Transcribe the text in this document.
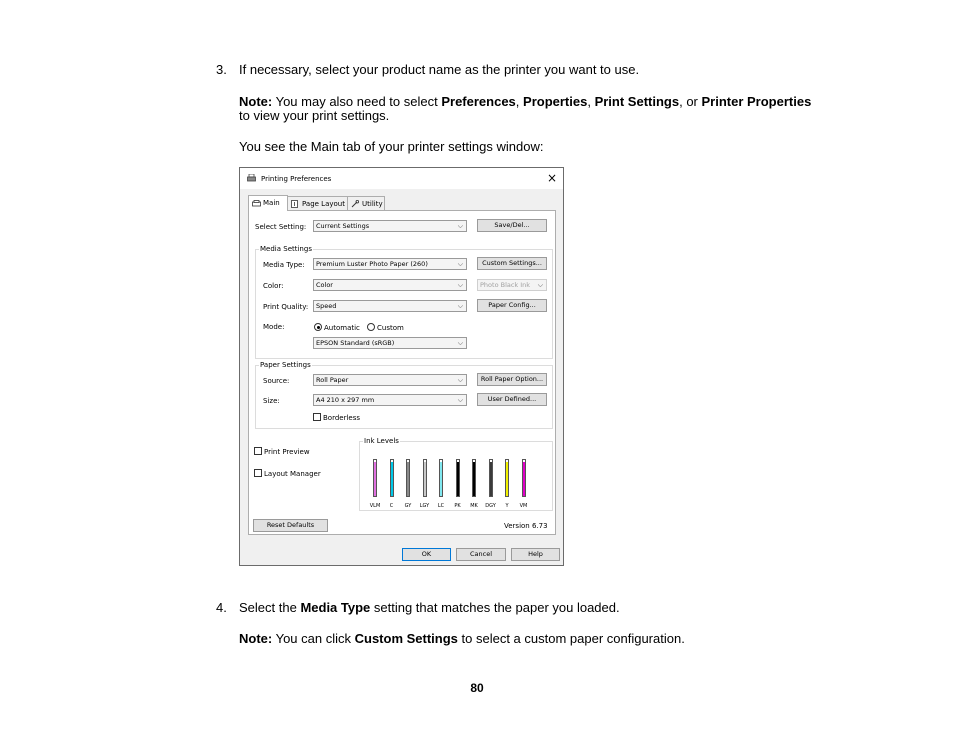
3. If necessary, select your product name as the printer you want to use.
Note: You may also need to select Preferences, Properties, Print Settings, or Printer Properties
to view your print settings.
You see the Main tab of your printer settings window:
Printing Preferences	×
Main	Page Layout	Utility
Select Setting:	Current Settings	⌵	Save/Del...
Media Settings
Media Type:	Premium Luster Photo Paper (260)	⌵	Custom Settings...
Color:	Color	⌵	Photo Black Ink ⌵
Print Quality:	Speed	⌵	Paper Config...
Mode:	Automatic Custom
EPSON Standard (sRGB)	⌵
Paper Settings
Source:	Roll Paper	⌵	Roll Paper Option...
Size:	A4 210 x 297 mm	⌵	User Defined...
Borderless
Print Preview
Layout Manager
Ink Levels
VLM	C	GY	LGY	LC	PK	MK	DGY	Y	VM
Reset Defaults	Version 6.73
OK	Cancel	Help
4. Select the Media Type setting that matches the paper you loaded.
Note: You can click Custom Settings to select a custom paper configuration.
80
